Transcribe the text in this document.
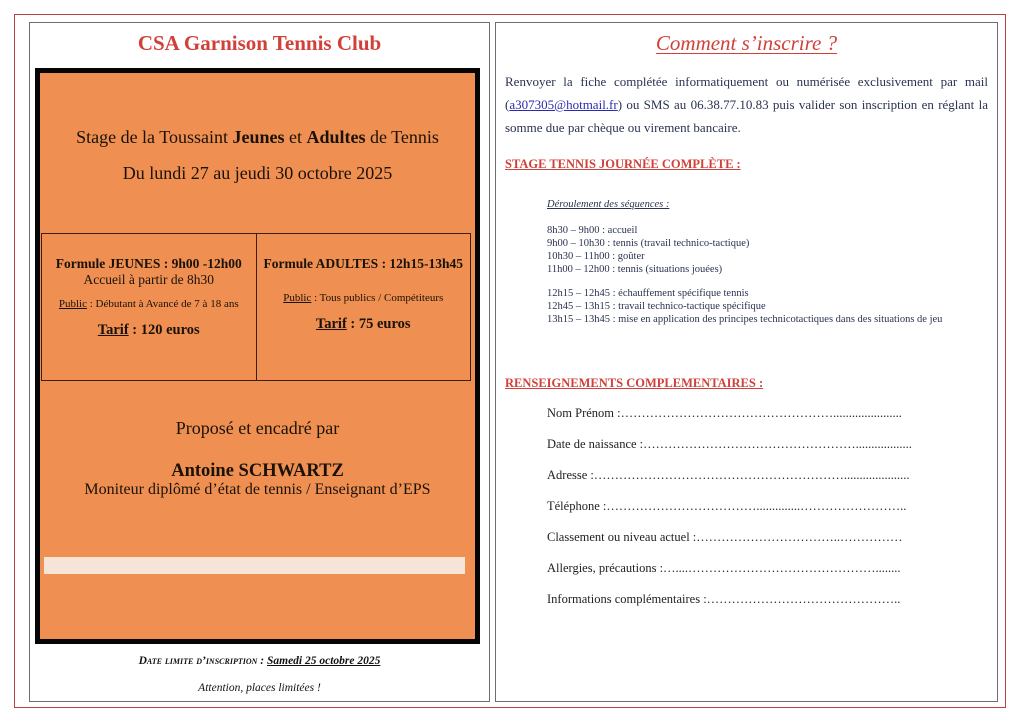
CSA Garnison Tennis Club
Stage de la Toussaint Jeunes et Adultes de Tennis
Du lundi 27 au jeudi 30 octobre 2025
Formule JEUNES : 9h00 -12h00
Accueil à partir de 8h30
Public : Débutant à Avancé de 7 à 18 ans
Tarif : 120 euros
Formule ADULTES : 12h15-13h45
Public : Tous publics / Compétiteurs
Tarif : 75 euros
Proposé et encadré par
Antoine SCHWARTZ
Moniteur diplômé d’état de tennis / Enseignant d’EPS
Date limite d’inscription : Samedi 25 octobre 2025
Attention, places limitées !
Comment s’inscrire ?
Renvoyer la fiche complétée informatiquement ou numérisée exclusivement par mail (a307305@hotmail.fr) ou SMS au 06.38.77.10.83 puis valider son inscription en réglant la somme due par chèque ou virement bancaire.
STAGE TENNIS JOURNÉE COMPLÈTE :
Déroulement des séquences :
8h30 – 9h00 : accueil
9h00 – 10h30 : tennis (travail technico-tactique)
10h30 – 11h00 : goûter
11h00 – 12h00 : tennis (situations jouées)
12h15 – 12h45 : échauffement spécifique tennis
12h45 – 13h15 : travail technico-tactique spécifique
13h15 – 13h45 : mise en application des principes technicotactiques dans des situations de jeu
RENSEIGNEMENTS COMPLEMENTAIRES :
Nom Prénom :……………………………………………......................
Date de naissance :……………………………………………..................
Adresse :…………………………………………………….....................
Téléphone :………………………………..............……………………..
Classement ou niveau actuel :……………………………..……………
Allergies, précautions :…....………………………………………........
Informations complémentaires :………………………………………..
